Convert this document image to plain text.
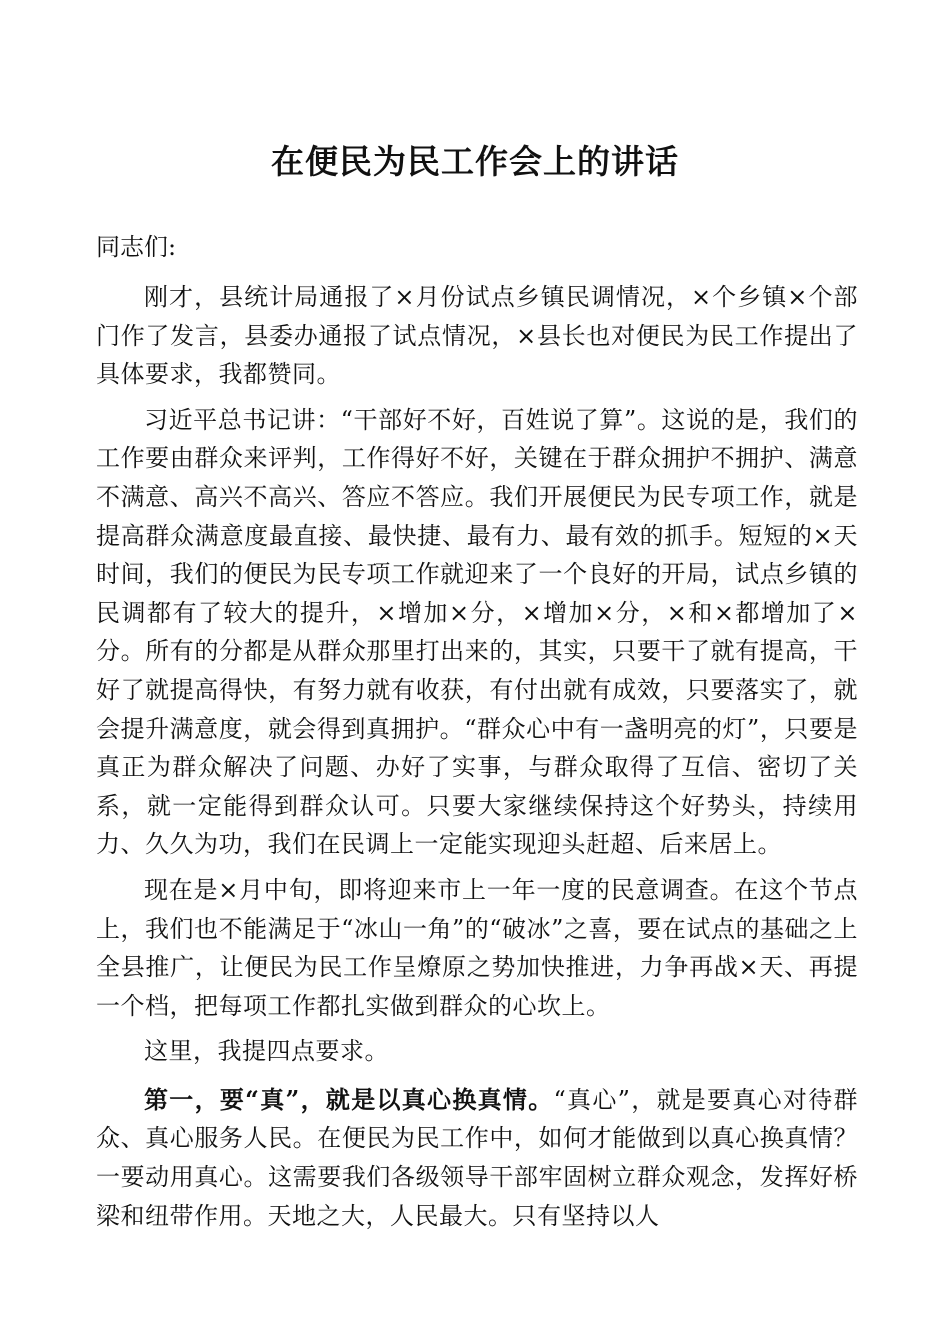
在便民为民工作会上的讲话

同志们:

刚才，县统计局通报了×月份试点乡镇民调情况，×个乡镇×个部门作了发言，县委办通报了试点情况，×县长也对便民为民工作提出了具体要求，我都赞同。

习近平总书记讲：“干部好不好，百姓说了算”。这说的是，我们的工作要由群众来评判，工作得好不好，关键在于群众拥护不拥护、满意不满意、高兴不高兴、答应不答应。我们开展便民为民专项工作，就是提高群众满意度最直接、最快捷、最有力、最有效的抓手。短短的×天时间，我们的便民为民专项工作就迎来了一个良好的开局，试点乡镇的民调都有了较大的提升，×增加×分，×增加×分，×和×都增加了×分。所有的分都是从群众那里打出来的，其实，只要干了就有提高，干好了就提高得快，有努力就有收获，有付出就有成效，只要落实了，就会提升满意度，就会得到真拥护。“群众心中有一盏明亮的灯”，只要是真正为群众解决了问题、办好了实事，与群众取得了互信、密切了关系，就一定能得到群众认可。只要大家继续保持这个好势头，持续用力、久久为功，我们在民调上一定能实现迎头赶超、后来居上。

现在是×月中旬，即将迎来市上一年一度的民意调查。在这个节点上，我们也不能满足于“冰山一角”的“破冰”之喜，要在试点的基础之上全县推广，让便民为民工作呈燎原之势加快推进，力争再战×天、再提一个档，把每项工作都扎实做到群众的心坎上。

这里，我提四点要求。

第一，要“真”，就是以真心换真情。“真心”，就是要真心对待群众、真心服务人民。在便民为民工作中，如何才能做到以真心换真情？一要动用真心。这需要我们各级领导干部牢固树立群众观念，发挥好桥梁和纽带作用。天地之大，人民最大。只有坚持以人
